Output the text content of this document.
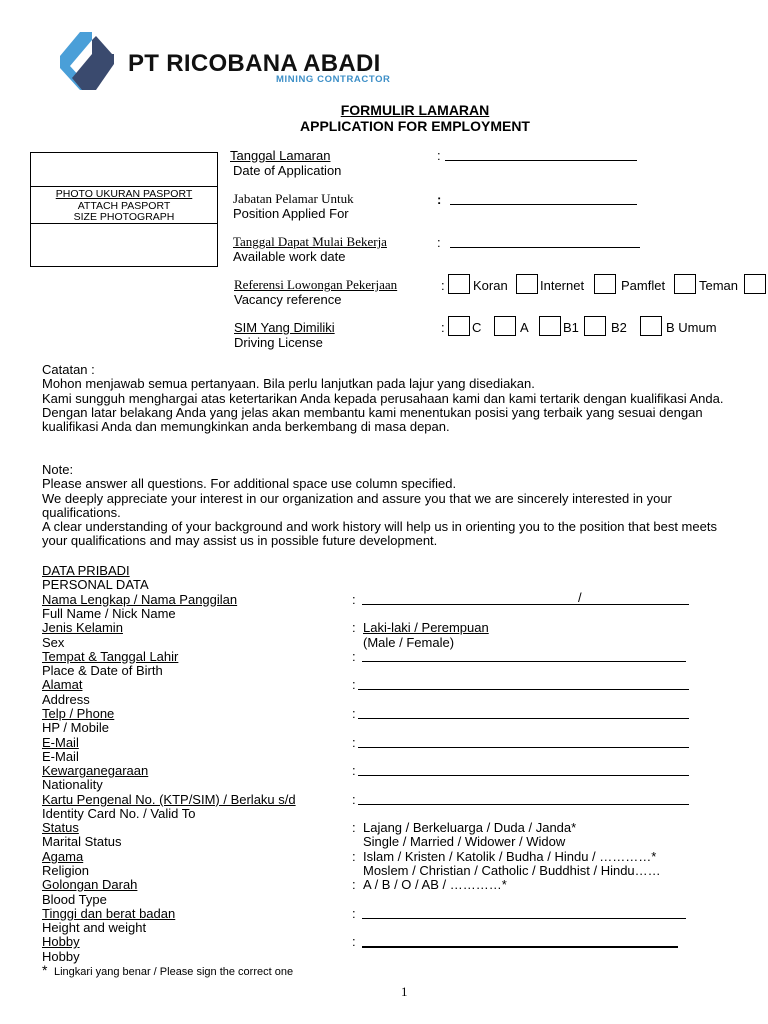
PT RICOBANA ABADI
MINING CONTRACTOR
FORMULIR LAMARAN
APPLICATION FOR EMPLOYMENT
PHOTO UKURAN PASPORT
ATTACH PASPORT
SIZE PHOTOGRAPH
Tanggal Lamaran
Date of Application
:
Jabatan Pelamar Untuk
Position Applied For
:
Tanggal Dapat Mulai Bekerja
Available work date
:
Referensi Lowongan Pekerjaan
Vacancy reference
: Koran Internet	Pamflet	Teman
SIM Yang Dimiliki
Driving License
: C	A	B1 B2	B Umum

Catatan :

Mohon menjawab semua pertanyaan. Bila perlu lanjutkan pada lajur yang disediakan.

Kami sungguh menghargai atas ketertarikan Anda kepada perusahaan kami dan kami tertarik dengan kualifikasi Anda.

Dengan latar belakang Anda yang jelas akan membantu kami menentukan posisi yang terbaik yang sesuai dengan kualifikasi Anda dan memungkinkan anda berkembang di masa depan.

Note:

Please answer all questions. For additional space use column specified.

We deeply appreciate your interest in our organization and assure you that we are sincerely interested in your qualifications.

A clear understanding of your background and work history will help us in orienting you to the position that best meets your qualifications and may assist us in possible future development.

DATA PRIBADI
PERSONAL DATA
Nama Lengkap / Nama Panggilan
Full Name / Nick Name
:	/
Jenis Kelamin
Sex
: Laki-laki / Perempuan
(Male / Female)
Tempat & Tanggal Lahir
Place & Date of Birth
:
Alamat
Address
:
Telp / Phone
HP / Mobile
:
E-Mail
E-Mail
:
Kewarganegaraan
Nationality
:
Kartu Pengenal No. (KTP/SIM) / Berlaku s/d
Identity Card No. / Valid To
:
Status
Marital Status
: Lajang / Berkeluarga / Duda / Janda*
Single / Married / Widower / Widow
Agama
Religion
: Islam / Kristen / Katolik / Budha / Hindu / …………*
Moslem / Christian / Catholic / Buddhist / Hindu……
Golongan Darah
Blood Type
: A / B / O / AB / …………*
Tinggi dan berat badan
Height and weight
:
Hobby
Hobby
:
* Lingkari yang benar / Please sign the correct one
1
